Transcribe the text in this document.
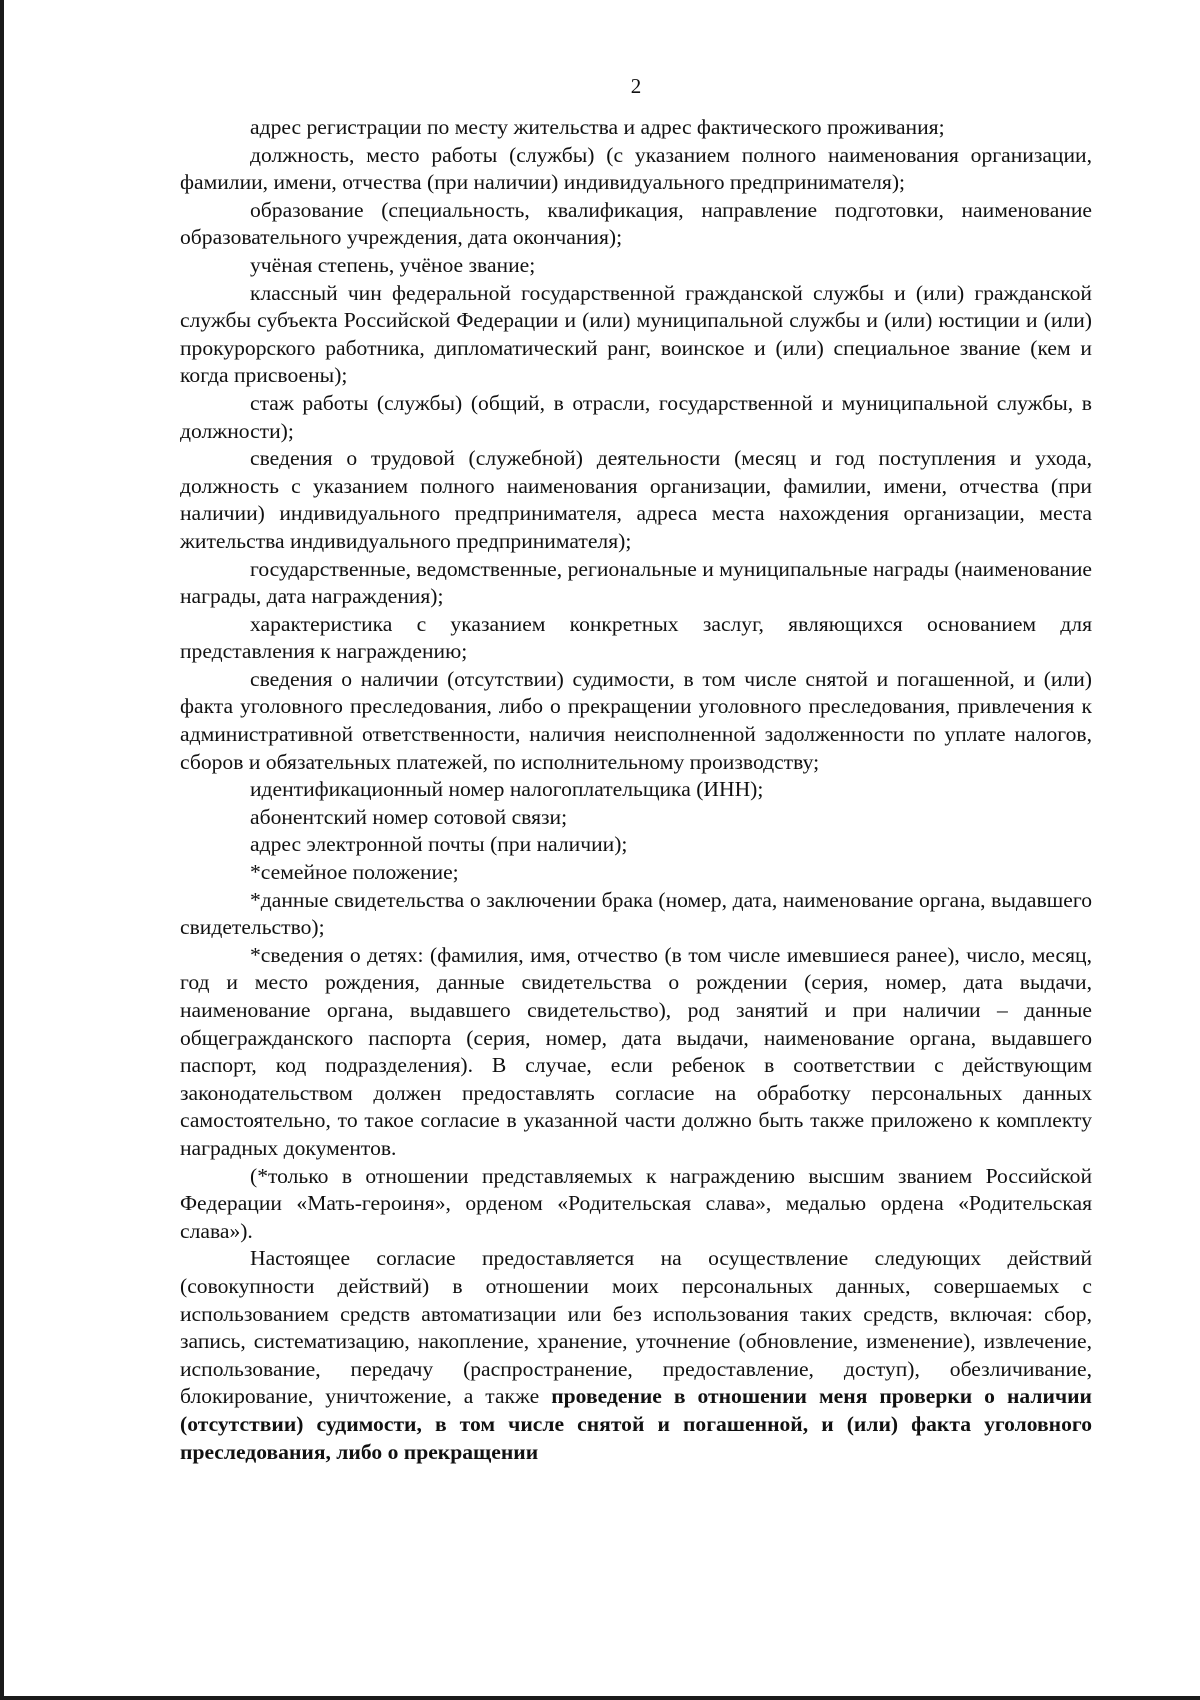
2

адрес регистрации по месту жительства и адрес фактического проживания;

должность, место работы (службы) (с указанием полного наименования организации, фамилии, имени, отчества (при наличии) индивидуального предпринимателя);

образование (специальность, квалификация, направление подготовки, наименование образовательного учреждения, дата окончания);

учёная степень, учёное звание;

классный чин федеральной государственной гражданской службы и (или) гражданской службы субъекта Российской Федерации и (или) муниципальной службы и (или) юстиции и (или) прокурорского работника, дипломатический ранг, воинское и (или) специальное звание (кем и когда присвоены);

стаж работы (службы) (общий, в отрасли, государственной и муниципальной службы, в должности);

сведения о трудовой (служебной) деятельности (месяц и год поступления и ухода, должность с указанием полного наименования организации, фамилии, имени, отчества (при наличии) индивидуального предпринимателя, адреса места нахождения организации, места жительства индивидуального предпринимателя);

государственные, ведомственные, региональные и муниципальные награды (наименование награды, дата награждения);

характеристика с указанием конкретных заслуг, являющихся основанием для представления к награждению;

сведения о наличии (отсутствии) судимости, в том числе снятой и погашенной, и (или) факта уголовного преследования, либо о прекращении уголовного преследования, привлечения к административной ответственности, наличия неисполненной задолженности по уплате налогов, сборов и обязательных платежей, по исполнительному производству;

идентификационный номер налогоплательщика (ИНН);

абонентский номер сотовой связи;

адрес электронной почты (при наличии);

*семейное положение;

*данные свидетельства о заключении брака (номер, дата, наименование органа, выдавшего свидетельство);

*сведения о детях: (фамилия, имя, отчество (в том числе имевшиеся ранее), число, месяц, год и место рождения, данные свидетельства о рождении (серия, номер, дата выдачи, наименование органа, выдавшего свидетельство), род занятий и при наличии – данные общегражданского паспорта (серия, номер, дата выдачи, наименование органа, выдавшего паспорт, код подразделения). В случае, если ребенок в соответствии с действующим законодательством должен предоставлять согласие на обработку персональных данных самостоятельно, то такое согласие в указанной части должно быть также приложено к комплекту наградных документов.

(*только в отношении представляемых к награждению высшим званием Российской Федерации «Мать-героиня», орденом «Родительская слава», медалью ордена «Родительская слава»).

Настоящее согласие предоставляется на осуществление следующих действий (совокупности действий) в отношении моих персональных данных, совершаемых с использованием средств автоматизации или без использования таких средств, включая: сбор, запись, систематизацию, накопление, хранение, уточнение (обновление, изменение), извлечение, использование, передачу (распространение, предоставление, доступ), обезличивание, блокирование, уничтожение, а также проведение в отношении меня проверки о наличии (отсутствии) судимости, в том числе снятой и погашенной, и (или) факта уголовного преследования, либо о прекращении
